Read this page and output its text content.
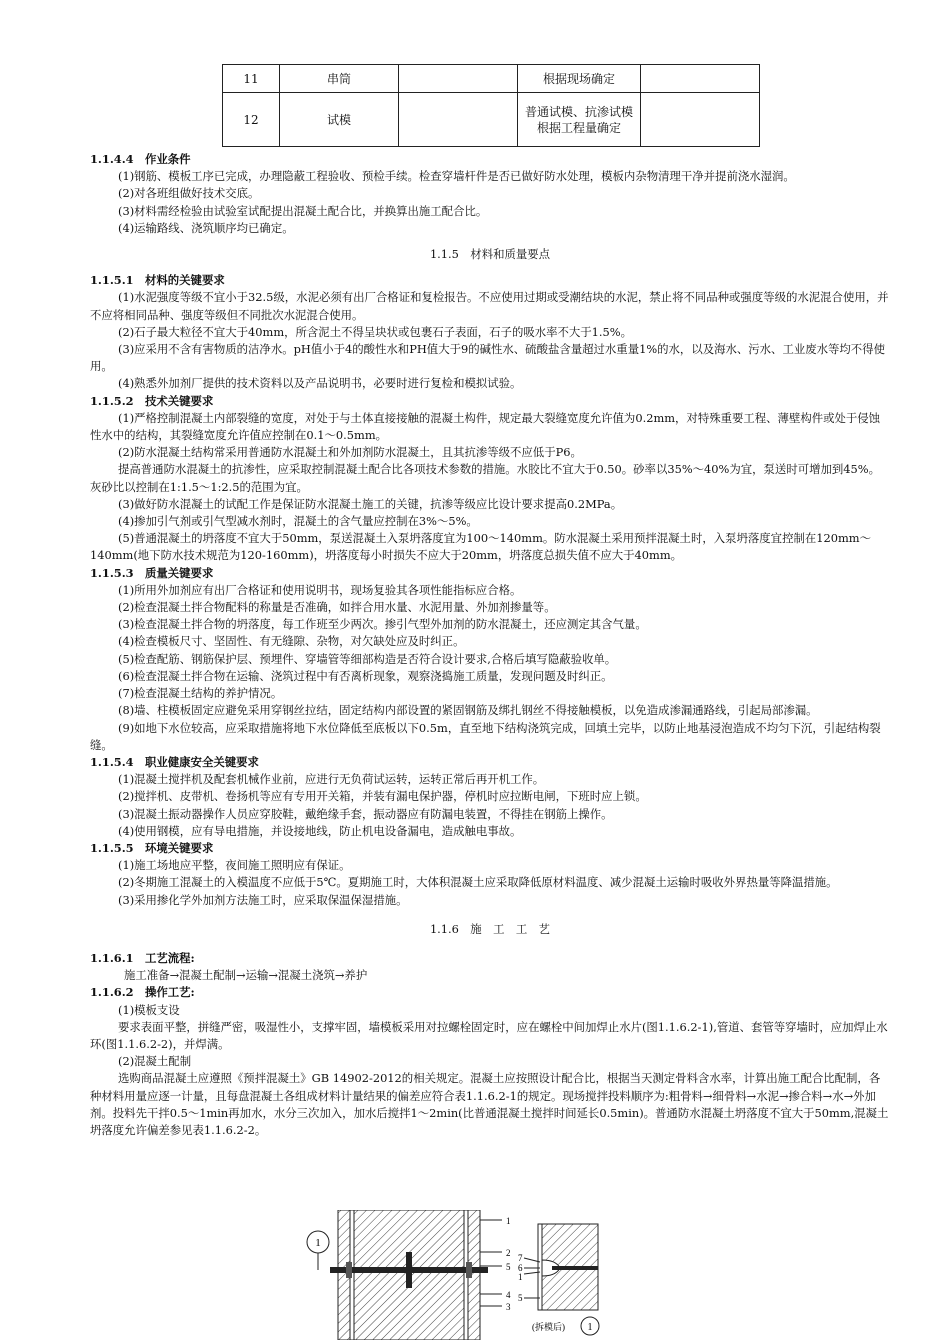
11	串筒		根据现场确定	
12	试模		普通试模、抗渗试模根据工程量确定	

1.1.4.4　作业条件

(1)钢筋、模板工序已完成，办理隐蔽工程验收、预检手续。检查穿墙杆件是否已做好防水处理，模板内杂物清理干净并提前浇水湿润。

(2)对各班组做好技术交底。

(3)材料需经检验由试验室试配提出混凝土配合比，并换算出施工配合比。

(4)运输路线、浇筑顺序均已确定。

1.1.5　材料和质量要点

1.1.5.1　材料的关键要求

(1)水泥强度等级不宜小于32.5级，水泥必须有出厂合格证和复检报告。不应使用过期或受潮结块的水泥，禁止将不同品种或强度等级的水泥混合使用，并不应将相同品种、强度等级但不同批次水泥混合使用。

(2)石子最大粒径不宜大于40mm，所含泥土不得呈块状或包裹石子表面，石子的吸水率不大于1.5%。

(3)应采用不含有害物质的洁净水。pH值小于4的酸性水和PH值大于9的碱性水、硫酸盐含量超过水重量1%的水，以及海水、污水、工业废水等均不得使用。

(4)熟悉外加剂厂提供的技术资料以及产品说明书，必要时进行复检和模拟试验。

1.1.5.2　技术关键要求

(1)严格控制混凝土内部裂缝的宽度，对处于与土体直接接触的混凝土构件，规定最大裂缝宽度允许值为0.2mm，对特殊重要工程、薄壁构件或处于侵蚀性水中的结构，其裂缝宽度允许值应控制在0.1～0.5mm。

(2)防水混凝土结构常采用普通防水混凝土和外加剂防水混凝土，且其抗渗等级不应低于P6。

提高普通防水混凝土的抗渗性，应采取控制混凝土配合比各项技术参数的措施。水胶比不宜大于0.50。砂率以35%～40%为宜，泵送时可增加到45%。灰砂比以控制在1:1.5～1:2.5的范围为宜。

(3)做好防水混凝土的试配工作是保证防水混凝土施工的关键，抗渗等级应比设计要求提高0.2MPa。

(4)掺加引气剂或引气型减水剂时，混凝土的含气量应控制在3%～5%。

(5)普通混凝土的坍落度不宜大于50mm，泵送混凝土入泵坍落度宜为100～140mm。防水混凝土采用预拌混凝土时，入泵坍落度宜控制在120mm～140mm(地下防水技术规范为120-160mm)，坍落度每小时损失不应大于20mm，坍落度总损失值不应大于40mm。

1.1.5.3　质量关键要求

(1)所用外加剂应有出厂合格证和使用说明书，现场复验其各项性能指标应合格。

(2)检查混凝土拌合物配料的称量是否准确，如拌合用水量、水泥用量、外加剂掺量等。

(3)检查混凝土拌合物的坍落度，每工作班至少两次。掺引气型外加剂的防水混凝土，还应测定其含气量。

(4)检查模板尺寸、坚固性、有无缝隙、杂物，对欠缺处应及时纠正。

(5)检查配筋、钢筋保护层、预埋件、穿墙管等细部构造是否符合设计要求,合格后填写隐蔽验收单。

(6)检查混凝土拌合物在运输、浇筑过程中有否离析现象，观察浇捣施工质量，发现问题及时纠正。

(7)检查混凝土结构的养护情况。

(8)墙、柱模板固定应避免采用穿钢丝拉结，固定结构内部设置的紧固钢筋及绑扎钢丝不得接触模板，以免造成渗漏通路线，引起局部渗漏。

(9)如地下水位较高，应采取措施将地下水位降低至底板以下0.5m，直至地下结构浇筑完成，回填土完毕，以防止地基浸泡造成不均匀下沉，引起结构裂缝。

1.1.5.4　职业健康安全关键要求

(1)混凝土搅拌机及配套机械作业前，应进行无负荷试运转，运转正常后再开机工作。

(2)搅拌机、皮带机、卷扬机等应有专用开关箱，并装有漏电保护器，停机时应拉断电闸，下班时应上锁。

(3)混凝土振动器操作人员应穿胶鞋，戴绝缘手套，振动器应有防漏电装置，不得挂在钢筋上操作。

(4)使用钢模，应有导电措施，并设接地线，防止机电设备漏电，造成触电事故。

1.1.5.5　环境关键要求

(1)施工场地应平整，夜间施工照明应有保证。

(2)冬期施工混凝土的入模温度不应低于5℃。夏期施工时，大体积混凝土应采取降低原材料温度、减少混凝土运输时吸收外界热量等降温措施。

(3)采用掺化学外加剂方法施工时，应采取保温保湿措施。

1.1.6　施　工　工　艺

1.1.6.1　工艺流程:

施工准备→混凝土配制→运输→混凝土浇筑→养护

1.1.6.2　操作工艺:

(1)模板支设

要求表面平整，拼缝严密，吸湿性小，支撑牢固，墙模板采用对拉螺栓固定时，应在螺栓中间加焊止水片(图1.1.6.2-1),管道、套管等穿墙时，应加焊止水环(图1.1.6.2-2)，并焊满。

(2)混凝土配制

选购商品混凝土应遵照《预拌混凝土》GB 14902-2012的相关规定。混凝土应按照设计配合比，根据当天测定骨料含水率，计算出施工配合比配制，各种材料用量应逐一计量，且每盘混凝土各组成材料计量结果的偏差应符合表1.1.6.2-1的规定。现场搅拌投料顺序为:粗骨料→细骨料→水泥→掺合料→水→外加剂。投料先干拌0.5～1min再加水，水分三次加入，加水后搅拌1～2min(比普通混凝土搅拌时间延长0.5min)。普通防水混凝土坍落度不宜大于50mm,混凝土坍落度允许偏差参见表1.1.6.2-2。

1
1
2
5
4
3
7
6
1
5
(拆模后) 1
